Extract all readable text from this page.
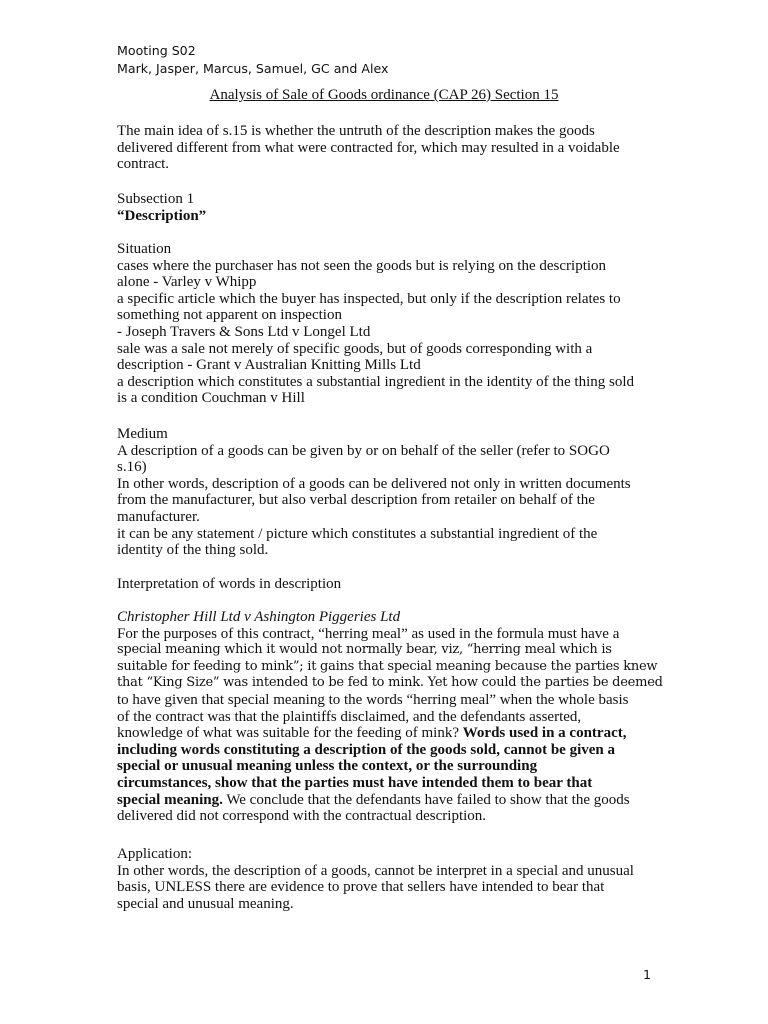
Mooting S02
Mark, Jasper, Marcus, Samuel, GC and Alex
Analysis of Sale of Goods ordinance (CAP 26) Section 15
The main idea of s.15 is whether the untruth of the description makes the goods
delivered different from what were contracted for, which may resulted in a voidable
contract.
Subsection 1
“Description”
Situation
cases where the purchaser has not seen the goods but is relying on the description
alone - Varley v Whipp
a specific article which the buyer has inspected, but only if the description relates to
something not apparent on inspection
- Joseph Travers & Sons Ltd v Longel Ltd
sale was a sale not merely of specific goods, but of goods corresponding with a
description - Grant v Australian Knitting Mills Ltd
a description which constitutes a substantial ingredient in the identity of the thing sold
is a condition Couchman v Hill
Medium
A description of a goods can be given by or on behalf of the seller (refer to SOGO
s.16)
In other words, description of a goods can be delivered not only in written documents
from the manufacturer, but also verbal description from retailer on behalf of the
manufacturer.
it can be any statement / picture which constitutes a substantial ingredient of the
identity of the thing sold.
Interpretation of words in description
Christopher Hill Ltd v Ashington Piggeries Ltd
For the purposes of this contract, “herring meal” as used in the formula must have a
special meaning which it would not normally bear, viz, “herring meal which is
suitable for feeding to mink”; it gains that special meaning because the parties knew
that “King Size” was intended to be fed to mink. Yet how could the parties be deemed
to have given that special meaning to the words “herring meal” when the whole basis
of the contract was that the plaintiffs disclaimed, and the defendants asserted,
knowledge of what was suitable for the feeding of mink? Words used in a contract,
including words constituting a description of the goods sold, cannot be given a
special or unusual meaning unless the context, or the surrounding
circumstances, show that the parties must have intended them to bear that
special meaning. We conclude that the defendants have failed to show that the goods
delivered did not correspond with the contractual description.
Application:
In other words, the description of a goods, cannot be interpret in a special and unusual
basis, UNLESS there are evidence to prove that sellers have intended to bear that
special and unusual meaning.
1
